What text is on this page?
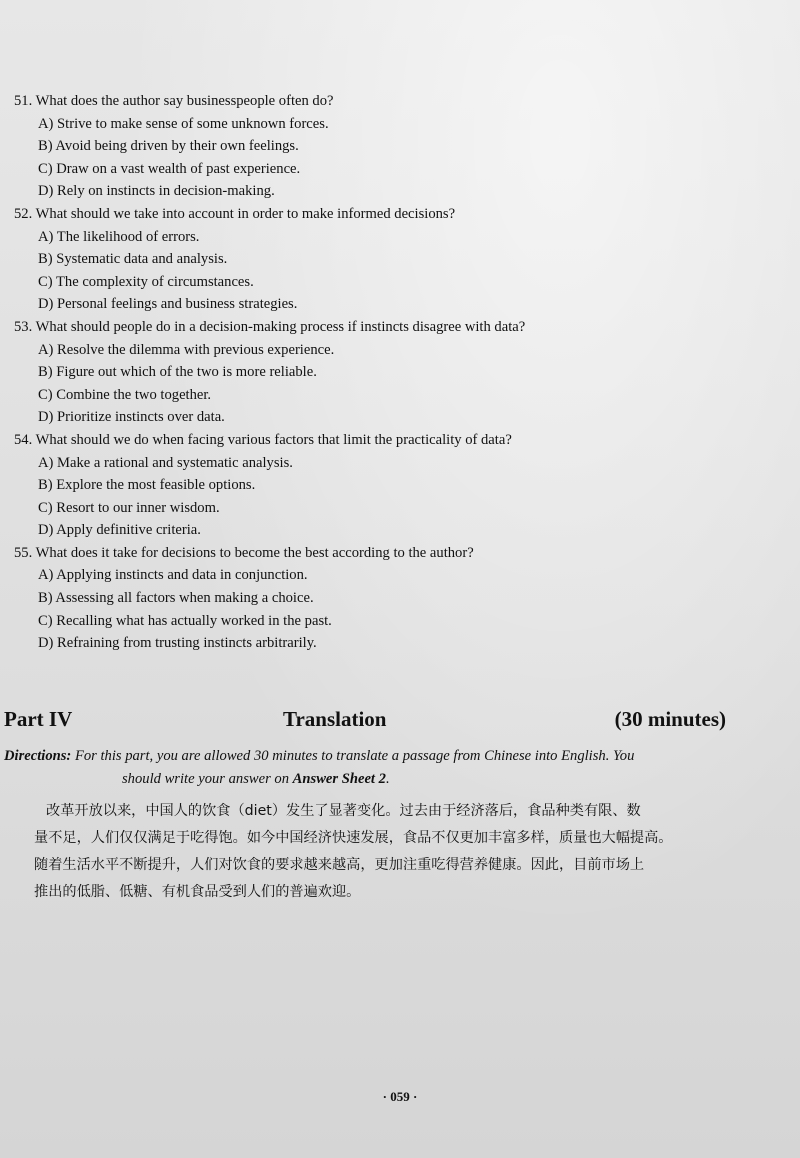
51. What does the author say businesspeople often do?

A) Strive to make sense of some unknown forces.

B) Avoid being driven by their own feelings.

C) Draw on a vast wealth of past experience.

D) Rely on instincts in decision-making.

52. What should we take into account in order to make informed decisions?

A) The likelihood of errors.

B) Systematic data and analysis.

C) The complexity of circumstances.

D) Personal feelings and business strategies.

53. What should people do in a decision-making process if instincts disagree with data?

A) Resolve the dilemma with previous experience.

B) Figure out which of the two is more reliable.

C) Combine the two together.

D) Prioritize instincts over data.

54. What should we do when facing various factors that limit the practicality of data?

A) Make a rational and systematic analysis.

B) Explore the most feasible options.

C) Resort to our inner wisdom.

D) Apply definitive criteria.

55. What does it take for decisions to become the best according to the author?

A) Applying instincts and data in conjunction.

B) Assessing all factors when making a choice.

C) Recalling what has actually worked in the past.

D) Refraining from trusting instincts arbitrarily.

Part IV	Translation	(30 minutes)
Directions: For this part, you are allowed 30 minutes to translate a passage from Chinese into English. You
should write your answer on Answer Sheet 2.

改革开放以来，中国人的饮食（diet）发生了显著变化。过去由于经济落后，食品种类有限、数

量不足，人们仅仅满足于吃得饱。如今中国经济快速发展，食品不仅更加丰富多样，质量也大幅提高。

随着生活水平不断提升，人们对饮食的要求越来越高，更加注重吃得营养健康。因此，目前市场上

推出的低脂、低糖、有机食品受到人们的普遍欢迎。

· 059 ·
